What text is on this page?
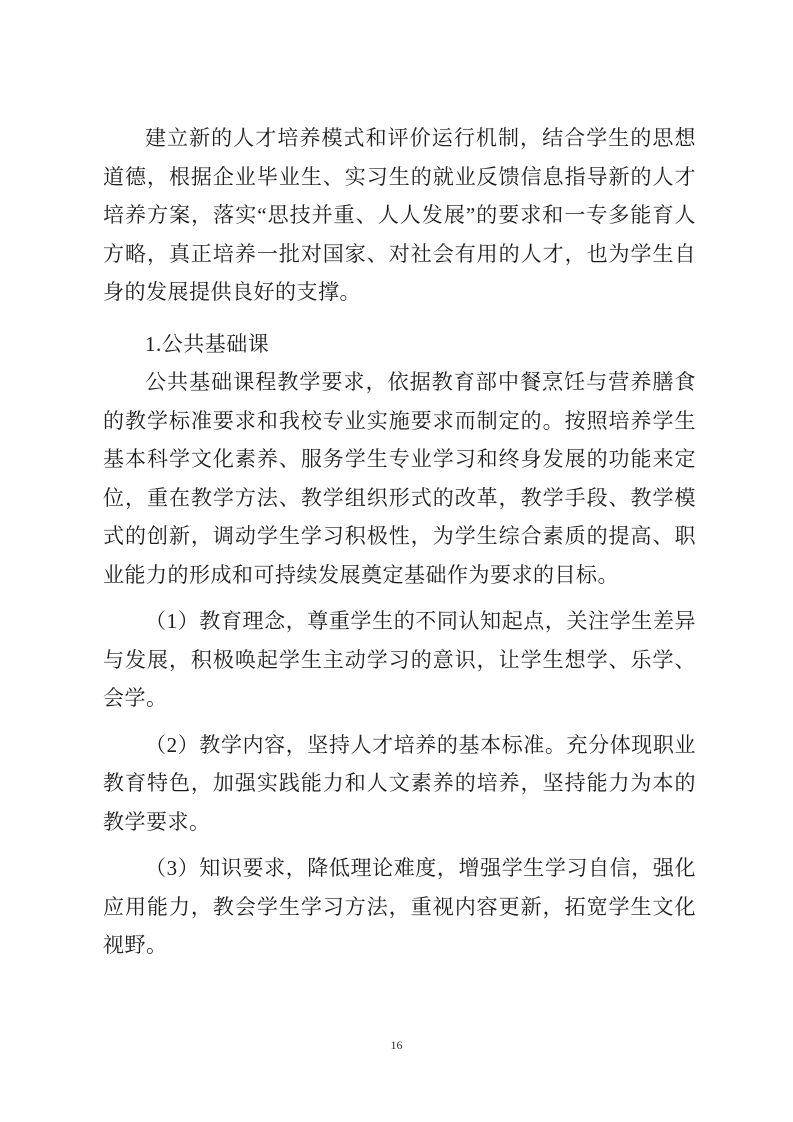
建立新的人才培养模式和评价运行机制，结合学生的思想道德，根据企业毕业生、实习生的就业反馈信息指导新的人才培养方案，落实“思技并重、人人发展”的要求和一专多能育人方略，真正培养一批对国家、对社会有用的人才，也为学生自身的发展提供良好的支撑。

1.公共基础课

公共基础课程教学要求，依据教育部中餐烹饪与营养膳食的教学标准要求和我校专业实施要求而制定的。按照培养学生基本科学文化素养、服务学生专业学习和终身发展的功能来定位，重在教学方法、教学组织形式的改革，教学手段、教学模式的创新，调动学生学习积极性，为学生综合素质的提高、职业能力的形成和可持续发展奠定基础作为要求的目标。

（1）教育理念，尊重学生的不同认知起点，关注学生差异与发展，积极唤起学生主动学习的意识，让学生想学、乐学、会学。

（2）教学内容，坚持人才培养的基本标准。充分体现职业教育特色，加强实践能力和人文素养的培养，坚持能力为本的教学要求。

（3）知识要求，降低理论难度，增强学生学习自信，强化应用能力，教会学生学习方法，重视内容更新，拓宽学生文化视野。

16
